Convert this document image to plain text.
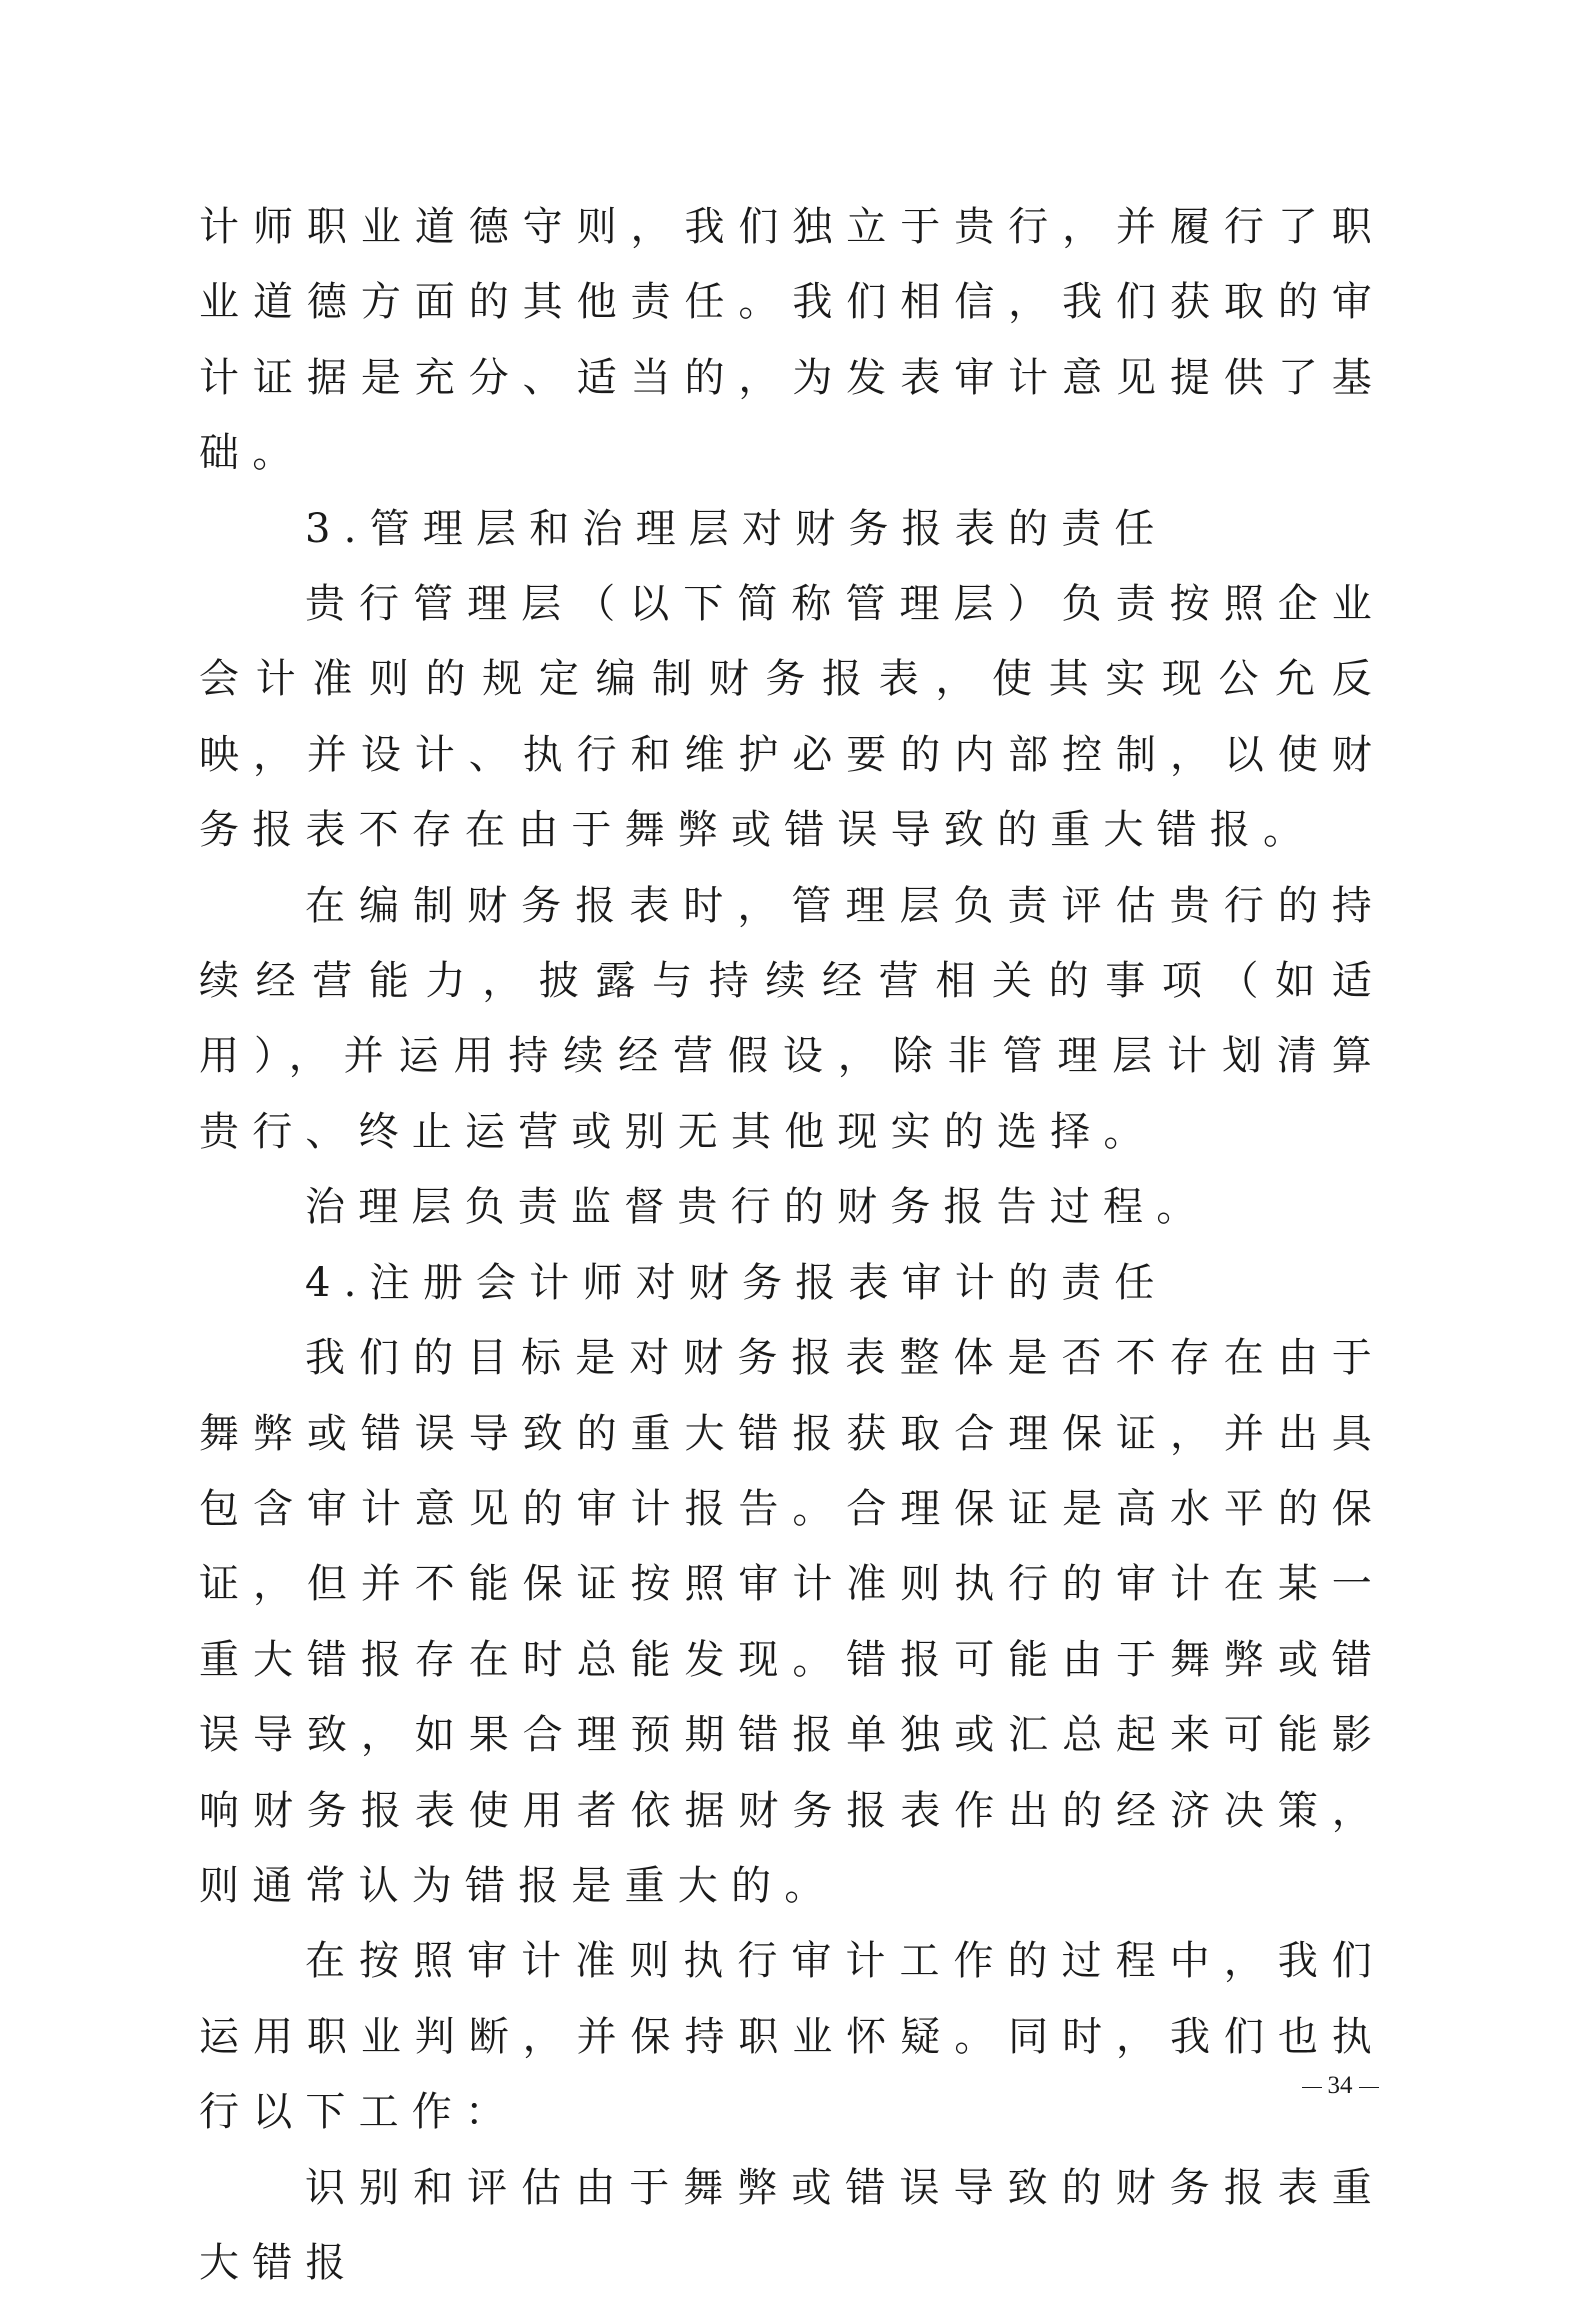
计师职业道德守则，我们独立于贵行，并履行了职业道德方面的其他责任。我们相信，我们获取的审计证据是充分、适当的，为发表审计意见提供了基础。

3.管理层和治理层对财务报表的责任

贵行管理层（以下简称管理层）负责按照企业会计准则的规定编制财务报表，使其实现公允反映，并设计、执行和维护必要的内部控制，以使财务报表不存在由于舞弊或错误导致的重大错报。

在编制财务报表时，管理层负责评估贵行的持续经营能力，披露与持续经营相关的事项（如适用），并运用持续经营假设，除非管理层计划清算贵行、终止运营或别无其他现实的选择。

治理层负责监督贵行的财务报告过程。

4.注册会计师对财务报表审计的责任

我们的目标是对财务报表整体是否不存在由于舞弊或错误导致的重大错报获取合理保证，并出具包含审计意见的审计报告。合理保证是高水平的保证，但并不能保证按照审计准则执行的审计在某一重大错报存在时总能发现。错报可能由于舞弊或错误导致，如果合理预期错报单独或汇总起来可能影响财务报表使用者依据财务报表作出的经济决策，则通常认为错报是重大的。

在按照审计准则执行审计工作的过程中，我们运用职业判断，并保持职业怀疑。同时，我们也执行以下工作：

识别和评估由于舞弊或错误导致的财务报表重大错报

34
